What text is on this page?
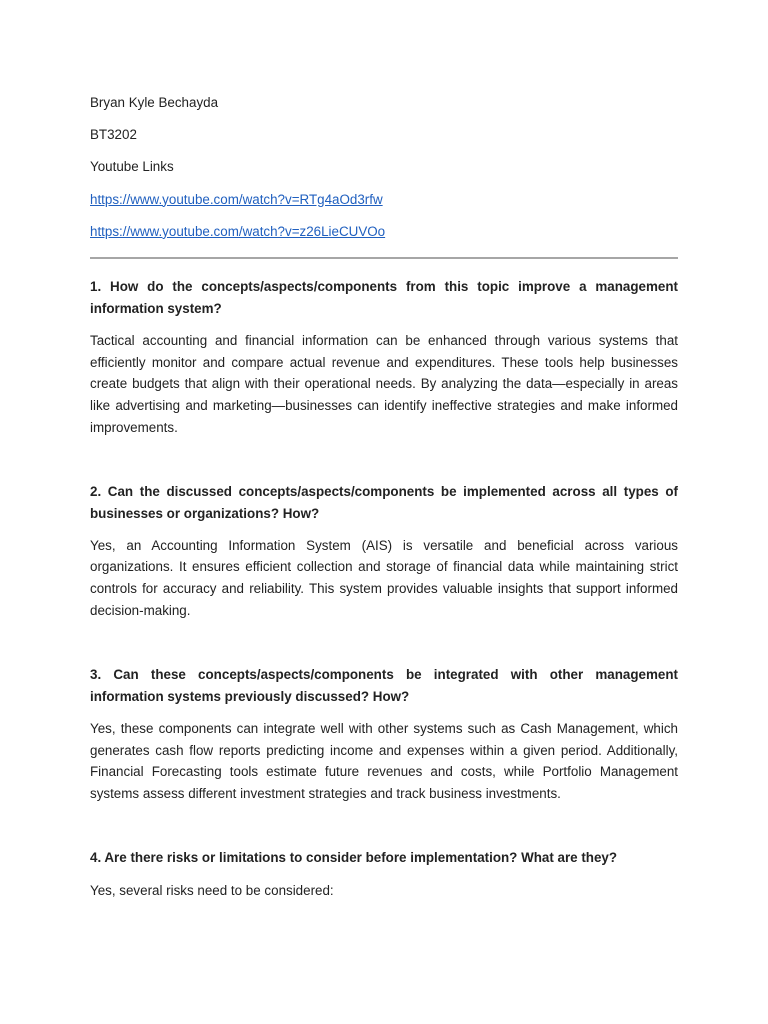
Bryan Kyle Bechayda
BT3202
Youtube Links
https://www.youtube.com/watch?v=RTg4aOd3rfw
https://www.youtube.com/watch?v=z26LieCUVOo
1. How do the concepts/aspects/components from this topic improve a management information system?
Tactical accounting and financial information can be enhanced through various systems that efficiently monitor and compare actual revenue and expenditures. These tools help businesses create budgets that align with their operational needs. By analyzing the data—especially in areas like advertising and marketing—businesses can identify ineffective strategies and make informed improvements.
2. Can the discussed concepts/aspects/components be implemented across all types of businesses or organizations? How?
Yes, an Accounting Information System (AIS) is versatile and beneficial across various organizations. It ensures efficient collection and storage of financial data while maintaining strict controls for accuracy and reliability. This system provides valuable insights that support informed decision-making.
3. Can these concepts/aspects/components be integrated with other management information systems previously discussed? How?
Yes, these components can integrate well with other systems such as Cash Management, which generates cash flow reports predicting income and expenses within a given period. Additionally, Financial Forecasting tools estimate future revenues and costs, while Portfolio Management systems assess different investment strategies and track business investments.
4. Are there risks or limitations to consider before implementation? What are they?
Yes, several risks need to be considered:
